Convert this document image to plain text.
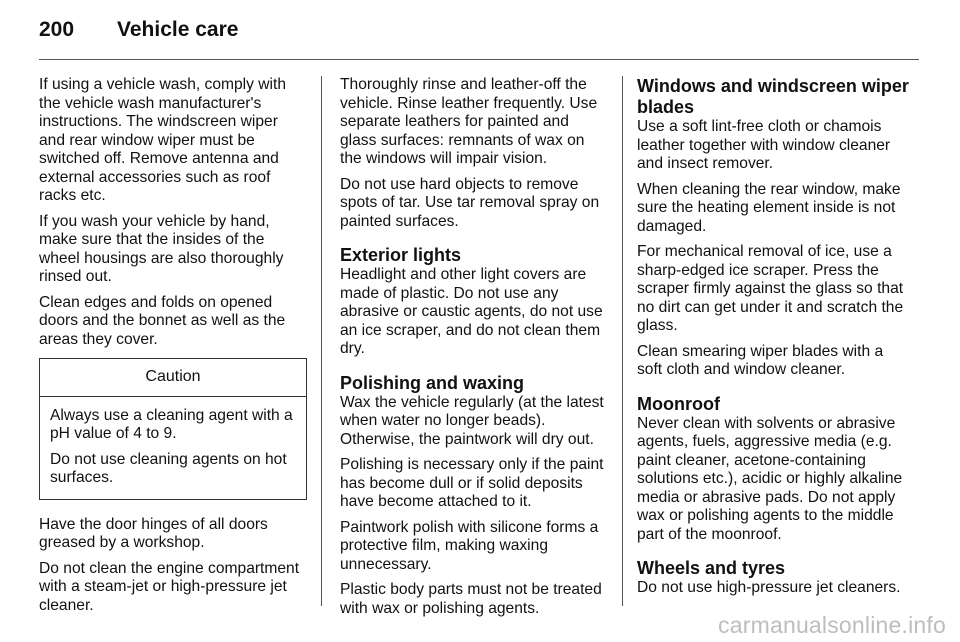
200 Vehicle care

If using a vehicle wash, comply with the vehicle wash manufacturer's instructions. The windscreen wiper and rear window wiper must be switched off. Remove antenna and external accessories such as roof racks etc.

If you wash your vehicle by hand, make sure that the insides of the wheel housings are also thoroughly rinsed out.

Clean edges and folds on opened doors and the bonnet as well as the areas they cover.

Caution

Always use a cleaning agent with a pH value of 4 to 9.

Do not use cleaning agents on hot surfaces.

Have the door hinges of all doors greased by a workshop.

Do not clean the engine compartment with a steam-jet or high-pressure jet cleaner.

Thoroughly rinse and leather-off the vehicle. Rinse leather frequently. Use separate leathers for painted and glass surfaces: remnants of wax on the windows will impair vision.

Do not use hard objects to remove spots of tar. Use tar removal spray on painted surfaces.

Exterior lights

Headlight and other light covers are made of plastic. Do not use any abrasive or caustic agents, do not use an ice scraper, and do not clean them dry.

Polishing and waxing

Wax the vehicle regularly (at the latest when water no longer beads). Otherwise, the paintwork will dry out.

Polishing is necessary only if the paint has become dull or if solid deposits have become attached to it.

Paintwork polish with silicone forms a protective film, making waxing unnecessary.

Plastic body parts must not be treated with wax or polishing agents.

Windows and windscreen wiper blades

Use a soft lint-free cloth or chamois leather together with window cleaner and insect remover.

When cleaning the rear window, make sure the heating element inside is not damaged.

For mechanical removal of ice, use a sharp-edged ice scraper. Press the scraper firmly against the glass so that no dirt can get under it and scratch the glass.

Clean smearing wiper blades with a soft cloth and window cleaner.

Moonroof

Never clean with solvents or abrasive agents, fuels, aggressive media (e.g. paint cleaner, acetone-containing solutions etc.), acidic or highly alkaline media or abrasive pads. Do not apply wax or polishing agents to the middle part of the moonroof.

Wheels and tyres

Do not use high-pressure jet cleaners.

carmanualsonline.info
